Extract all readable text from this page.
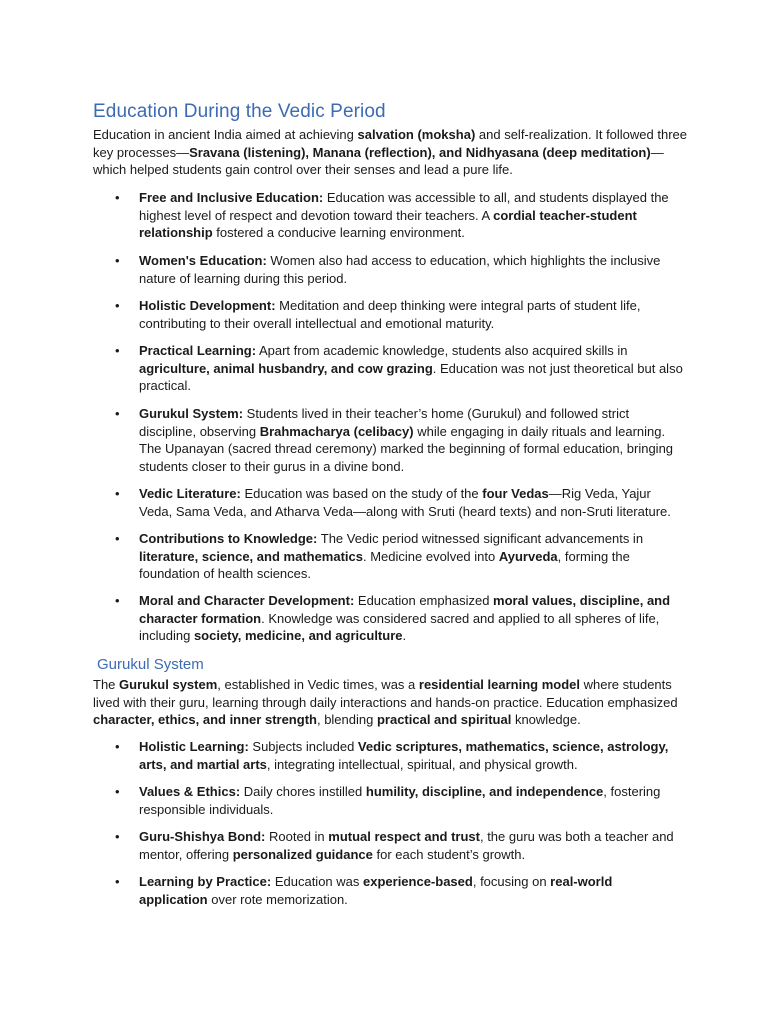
Education During the Vedic Period

Education in ancient India aimed at achieving salvation (moksha) and self-realization. It followed three key processes—Sravana (listening), Manana (reflection), and Nidhyasana (deep meditation)—which helped students gain control over their senses and lead a pure life.

•	Free and Inclusive Education: Education was accessible to all, and students displayed the highest level of respect and devotion toward their teachers. A cordial teacher-student relationship fostered a conducive learning environment.
•	Women's Education: Women also had access to education, which highlights the inclusive nature of learning during this period.
•	Holistic Development: Meditation and deep thinking were integral parts of student life, contributing to their overall intellectual and emotional maturity.
•	Practical Learning: Apart from academic knowledge, students also acquired skills in agriculture, animal husbandry, and cow grazing. Education was not just theoretical but also practical.
•	Gurukul System: Students lived in their teacher’s home (Gurukul) and followed strict discipline, observing Brahmacharya (celibacy) while engaging in daily rituals and learning. The Upanayan (sacred thread ceremony) marked the beginning of formal education, bringing students closer to their gurus in a divine bond.
•	Vedic Literature: Education was based on the study of the four Vedas—Rig Veda, Yajur Veda, Sama Veda, and Atharva Veda—along with Sruti (heard texts) and non-Sruti literature.
•	Contributions to Knowledge: The Vedic period witnessed significant advancements in literature, science, and mathematics. Medicine evolved into Ayurveda, forming the foundation of health sciences.
•	Moral and Character Development: Education emphasized moral values, discipline, and character formation. Knowledge was considered sacred and applied to all spheres of life, including society, medicine, and agriculture.
Gurukul System

The Gurukul system, established in Vedic times, was a residential learning model where students lived with their guru, learning through daily interactions and hands-on practice. Education emphasized character, ethics, and inner strength, blending practical and spiritual knowledge.

•	Holistic Learning: Subjects included Vedic scriptures, mathematics, science, astrology, arts, and martial arts, integrating intellectual, spiritual, and physical growth.
•	Values & Ethics: Daily chores instilled humility, discipline, and independence, fostering responsible individuals.
•	Guru-Shishya Bond: Rooted in mutual respect and trust, the guru was both a teacher and mentor, offering personalized guidance for each student’s growth.
•	Learning by Practice: Education was experience-based, focusing on real-world application over rote memorization.
